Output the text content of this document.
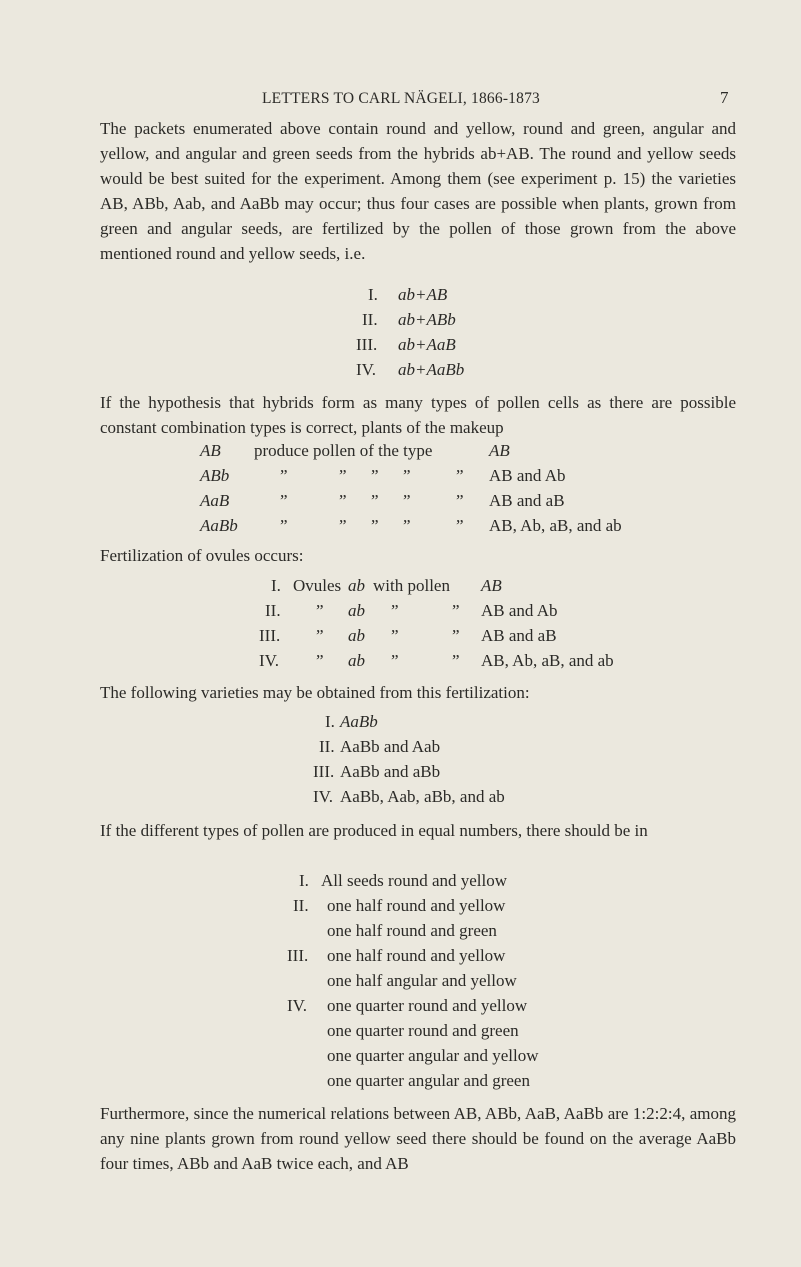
LETTERS TO CARL NÄGELI, 1866-1873	7

The packets enumerated above contain round and yellow, round and green, angular and yellow, and angular and green seeds from the hybrids ab+AB. The round and yellow seeds would be best suited for the experiment. Among them (see experiment p. 15) the varieties AB, ABb, Aab, and AaBb may occur; thus four cases are possible when plants, grown from green and angular seeds, are fertilized by the pollen of those grown from the above mentioned round and yellow seeds, i.e.

I. ab+AB
II. ab+ABb
III. ab+AaB
IV. ab+AaBb

If the hypothesis that hybrids form as many types of pollen cells as there are possible constant combination types is correct, plants of the makeup

AB produce pollen of the type	AB
ABb	”	” ” ”	” AB and Ab
AaB	”	” ” ”	” AB and aB
AaBb ”	” ” ”	” AB, Ab, aB, and ab
Fertilization of ovules occurs:
I. Ovules ab with pollen AB
II. ” ab ”	” AB and Ab
III. ” ab ”	” AB and aB
IV. ” ab ”	” AB, Ab, aB, and ab
The following varieties may be obtained from this fertilization:
I. AaBb
II. AaBb and Aab
III. AaBb and aBb
IV. AaBb, Aab, aBb, and ab

If the different types of pollen are produced in equal numbers, there should be in

I. All seeds round and yellow
II. one half round and yellow
one half round and green
III. one half round and yellow
one half angular and yellow
IV. one quarter round and yellow
one quarter round and green
one quarter angular and yellow
one quarter angular and green

Furthermore, since the numerical relations between AB, ABb, AaB, AaBb are 1:2:2:4, among any nine plants grown from round yellow seed there should be found on the average AaBb four times, ABb and AaB twice each, and AB
